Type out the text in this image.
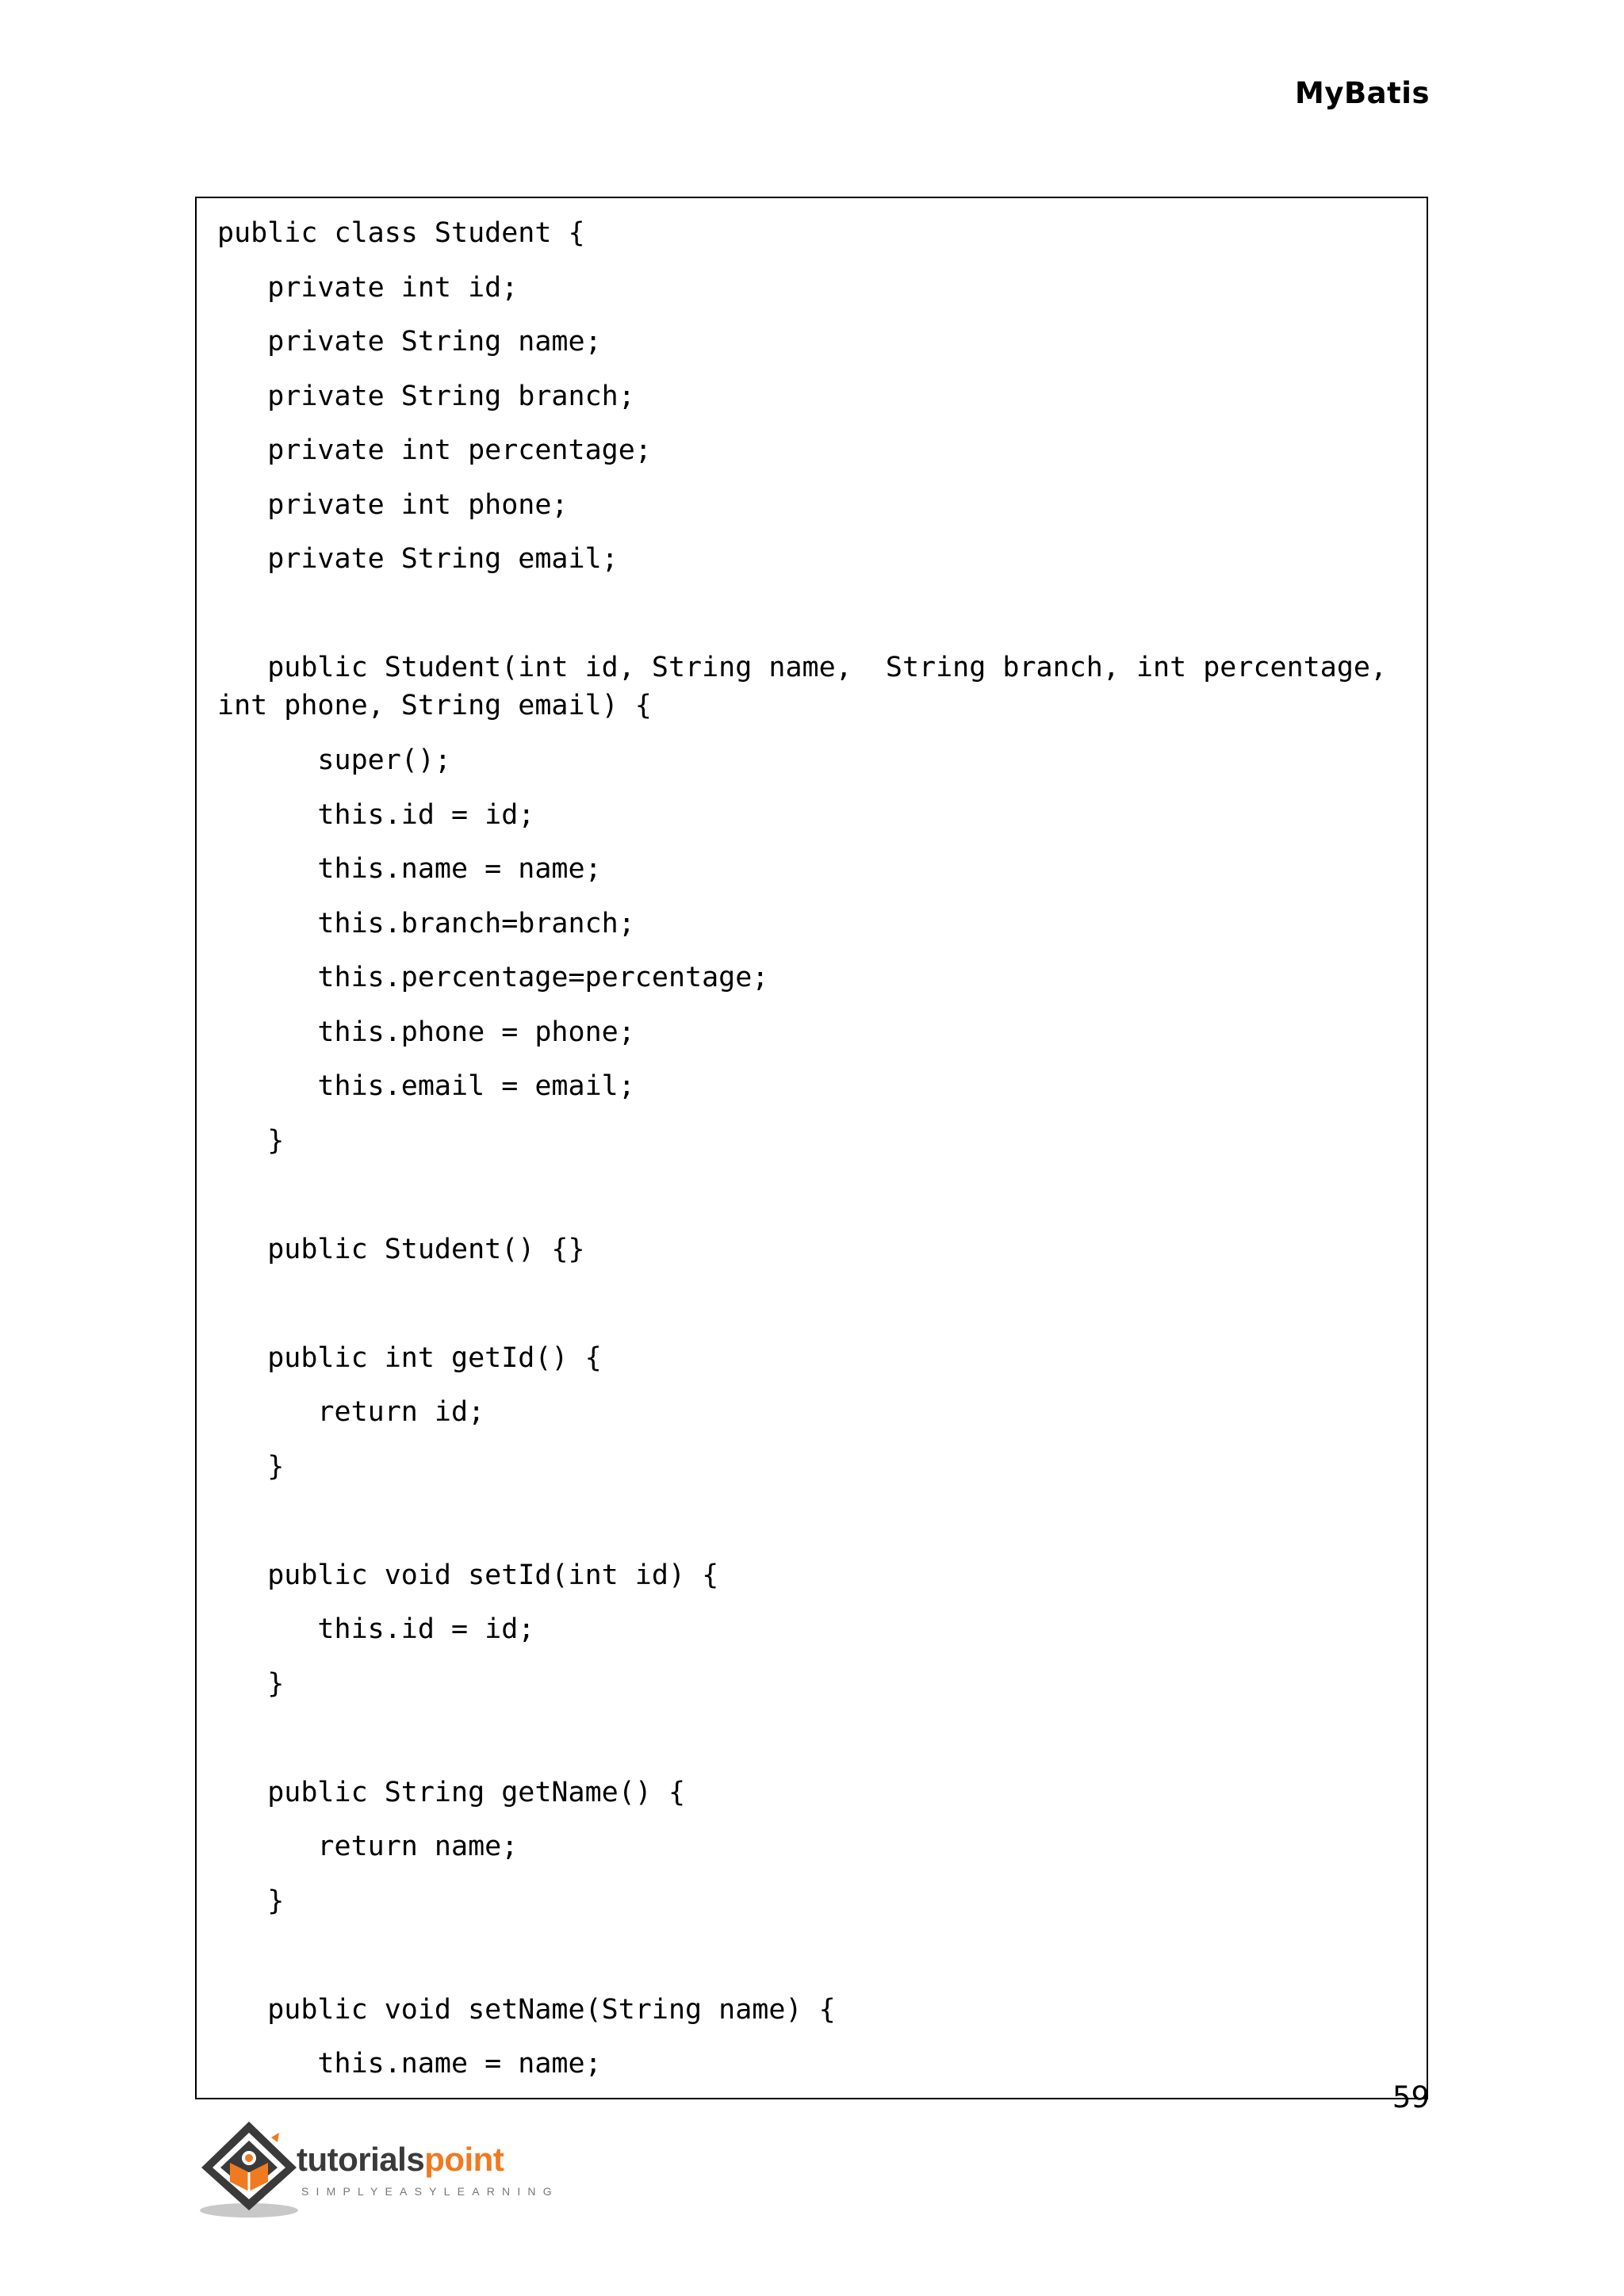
MyBatis
public class Student {
private int id;
private String name;
private String branch;
private int percentage;
private int phone;
private String email;
public Student(int id, String name,  String branch, int percentage, int phone, String email) {
super();
this.id = id;
this.name = name;
this.branch=branch;
this.percentage=percentage;
this.phone = phone;
this.email = email;
}
public Student() {}
public int getId() {
return id;
}
public void setId(int id) {
this.id = id;
}
public String getName() {
return name;
}
public void setName(String name) {
this.name = name;
59
tutorialspoint
SIMPLYEASYLEARNING
